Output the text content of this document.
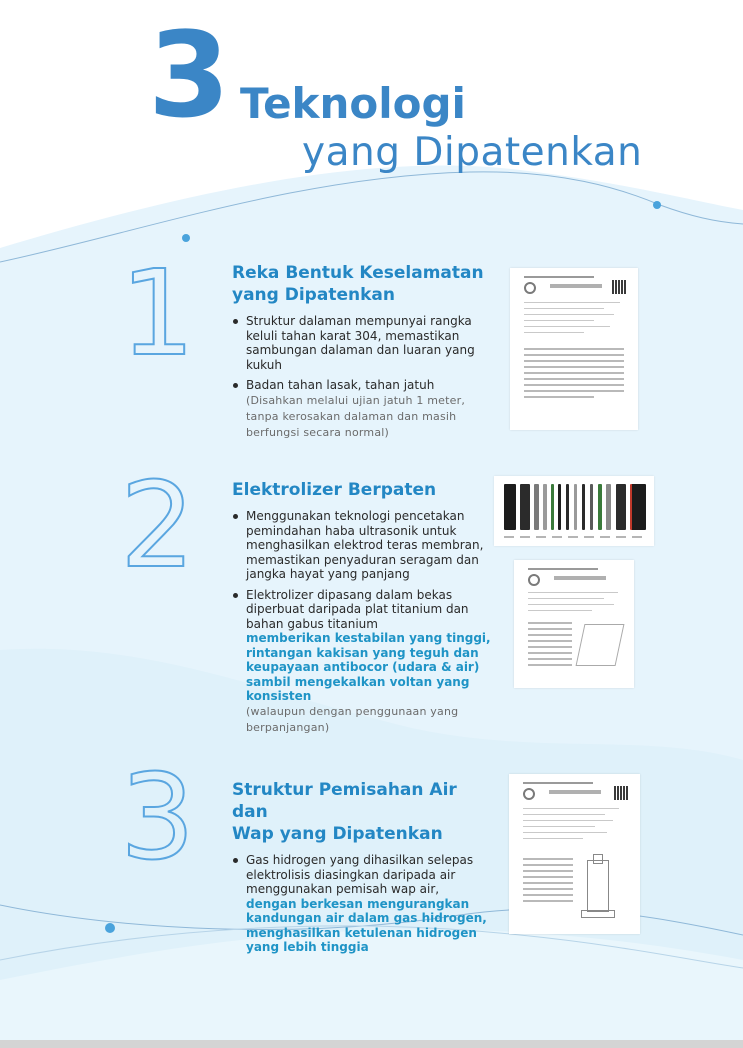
3 Teknologi
yang Dipatenkan
1
2
3
Reka Bentuk Keselamatan
yang Dipatenkan
Struktur dalaman mempunyai rangka
keluli tahan karat 304, memastikan
sambungan dalaman dan luaran yang
kukuh
Badan tahan lasak, tahan jatuh
(Disahkan melalui ujian jatuh 1 meter,
tanpa kerosakan dalaman dan masih
berfungsi secara normal)
Elektrolizer Berpaten
Menggunakan teknologi pencetakan
pemindahan haba ultrasonik untuk
menghasilkan elektrod teras membran,
memastikan penyaduran seragam dan
jangka hayat yang panjang
Elektrolizer dipasang dalam bekas
diperbuat daripada plat titanium dan
bahan gabus titanium
memberikan kestabilan yang tinggi,
rintangan kakisan yang teguh dan
keupayaan antibocor (udara & air)
sambil mengekalkan voltan yang
konsisten
(walaupun dengan penggunaan yang
berpanjangan)
Struktur Pemisahan Air dan
Wap yang Dipatenkan
Gas hidrogen yang dihasilkan selepas
elektrolisis diasingkan daripada air
menggunakan pemisah wap air,
dengan berkesan mengurangkan
kandungan air dalam gas hidrogen,
menghasilkan ketulenan hidrogen
yang lebih tinggia
